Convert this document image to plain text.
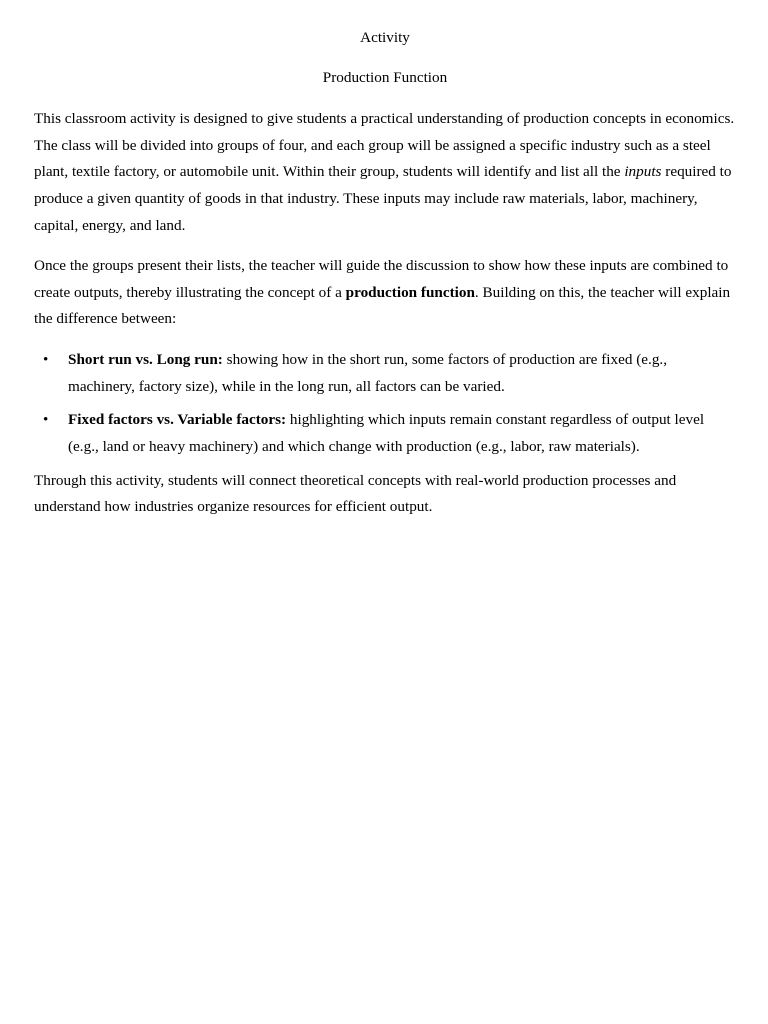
Activity
Production Function

This classroom activity is designed to give students a practical understanding of production concepts in economics. The class will be divided into groups of four, and each group will be assigned a specific industry such as a steel plant, textile factory, or automobile unit. Within their group, students will identify and list all the inputs required to produce a given quantity of goods in that industry. These inputs may include raw materials, labor, machinery, capital, energy, and land.

Once the groups present their lists, the teacher will guide the discussion to show how these inputs are combined to create outputs, thereby illustrating the concept of a production function. Building on this, the teacher will explain the difference between:

• Short run vs. Long run: showing how in the short run, some factors of production are fixed (e.g., machinery, factory size), while in the long run, all factors can be varied.
• Fixed factors vs. Variable factors: highlighting which inputs remain constant regardless of output level (e.g., land or heavy machinery) and which change with production (e.g., labor, raw materials).

Through this activity, students will connect theoretical concepts with real-world production processes and understand how industries organize resources for efficient output.
